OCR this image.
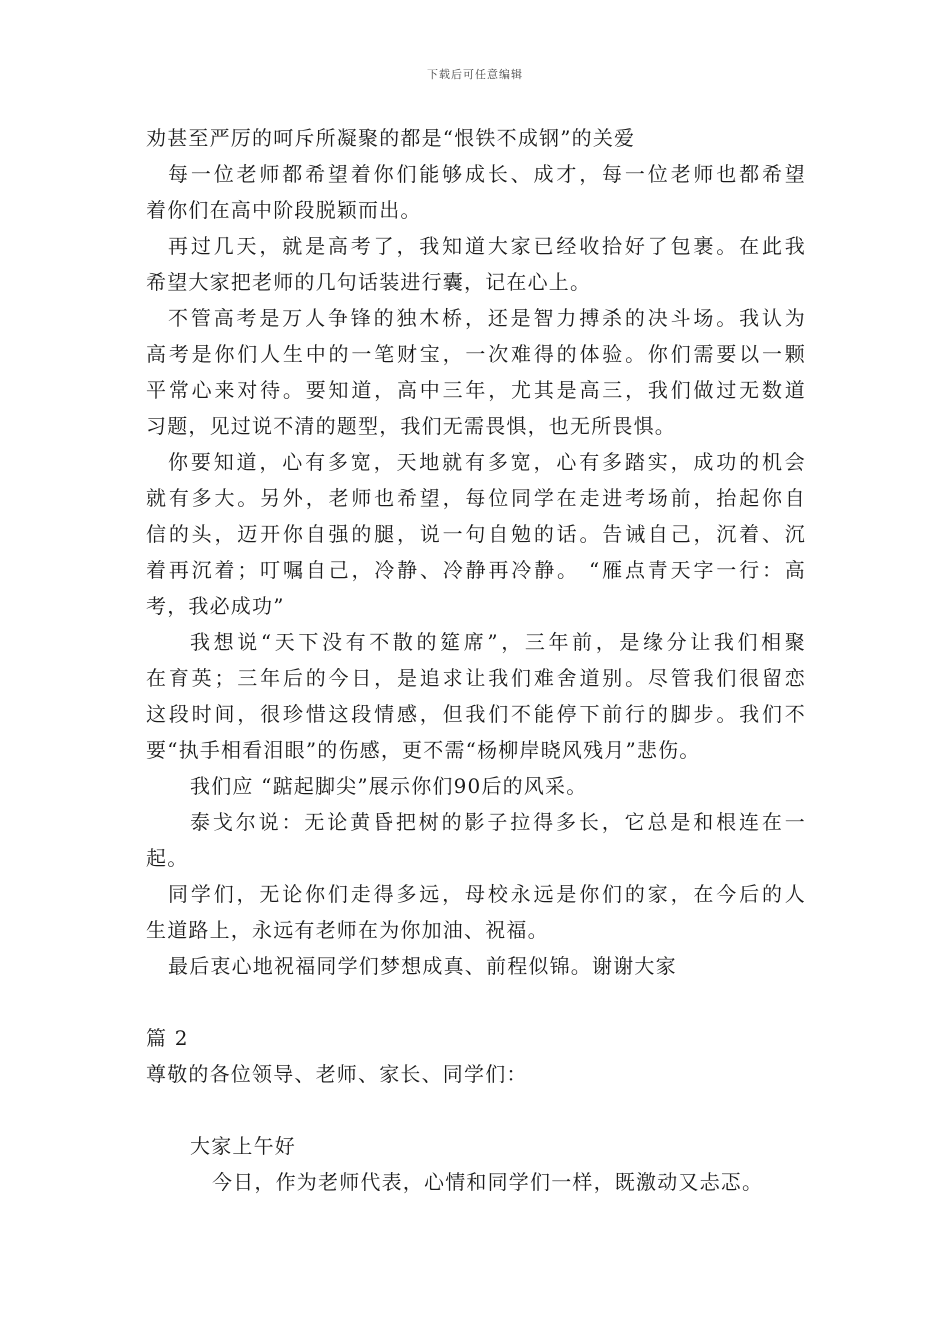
下载后可任意编辑
劝甚至严厉的呵斥所凝聚的都是“恨铁不成钢”的关爱
每一位老师都希望着你们能够成长、成才，每一位老师也都希望
着你们在高中阶段脱颖而出。
再过几天，就是高考了，我知道大家已经收拾好了包裹。在此我
希望大家把老师的几句话装进行囊，记在心上。
不管高考是万人争锋的独木桥，还是智力搏杀的决斗场。我认为
高考是你们人生中的一笔财宝，一次难得的体验。你们需要以一颗
平常心来对待。要知道，高中三年，尤其是高三，我们做过无数道
习题，见过说不清的题型，我们无需畏惧，也无所畏惧。
你要知道，心有多宽，天地就有多宽，心有多踏实，成功的机会
就有多大。另外，老师也希望，每位同学在走进考场前，抬起你自
信的头，迈开你自强的腿，说一句自勉的话。告诫自己，沉着、沉
着再沉着；叮嘱自己，冷静、冷静再冷静。 “雁点青天字一行：高
考，我必成功”
我想说“天下没有不散的筵席”，三年前，是缘分让我们相聚
在育英；三年后的今日，是追求让我们难舍道别。尽管我们很留恋
这段时间，很珍惜这段情感，但我们不能停下前行的脚步。我们不
要“执手相看泪眼”的伤感，更不需“杨柳岸晓风残月”悲伤。
我们应 “踮起脚尖”展示你们90后的风采。
泰戈尔说：无论黄昏把树的影子拉得多长，它总是和根连在一
起。
同学们，无论你们走得多远，母校永远是你们的家，在今后的人
生道路上，永远有老师在为你加油、祝福。
最后衷心地祝福同学们梦想成真、前程似锦。谢谢大家
篇 2
尊敬的各位领导、老师、家长、同学们：
大家上午好
今日，作为老师代表，心情和同学们一样，既激动又忐忑。
